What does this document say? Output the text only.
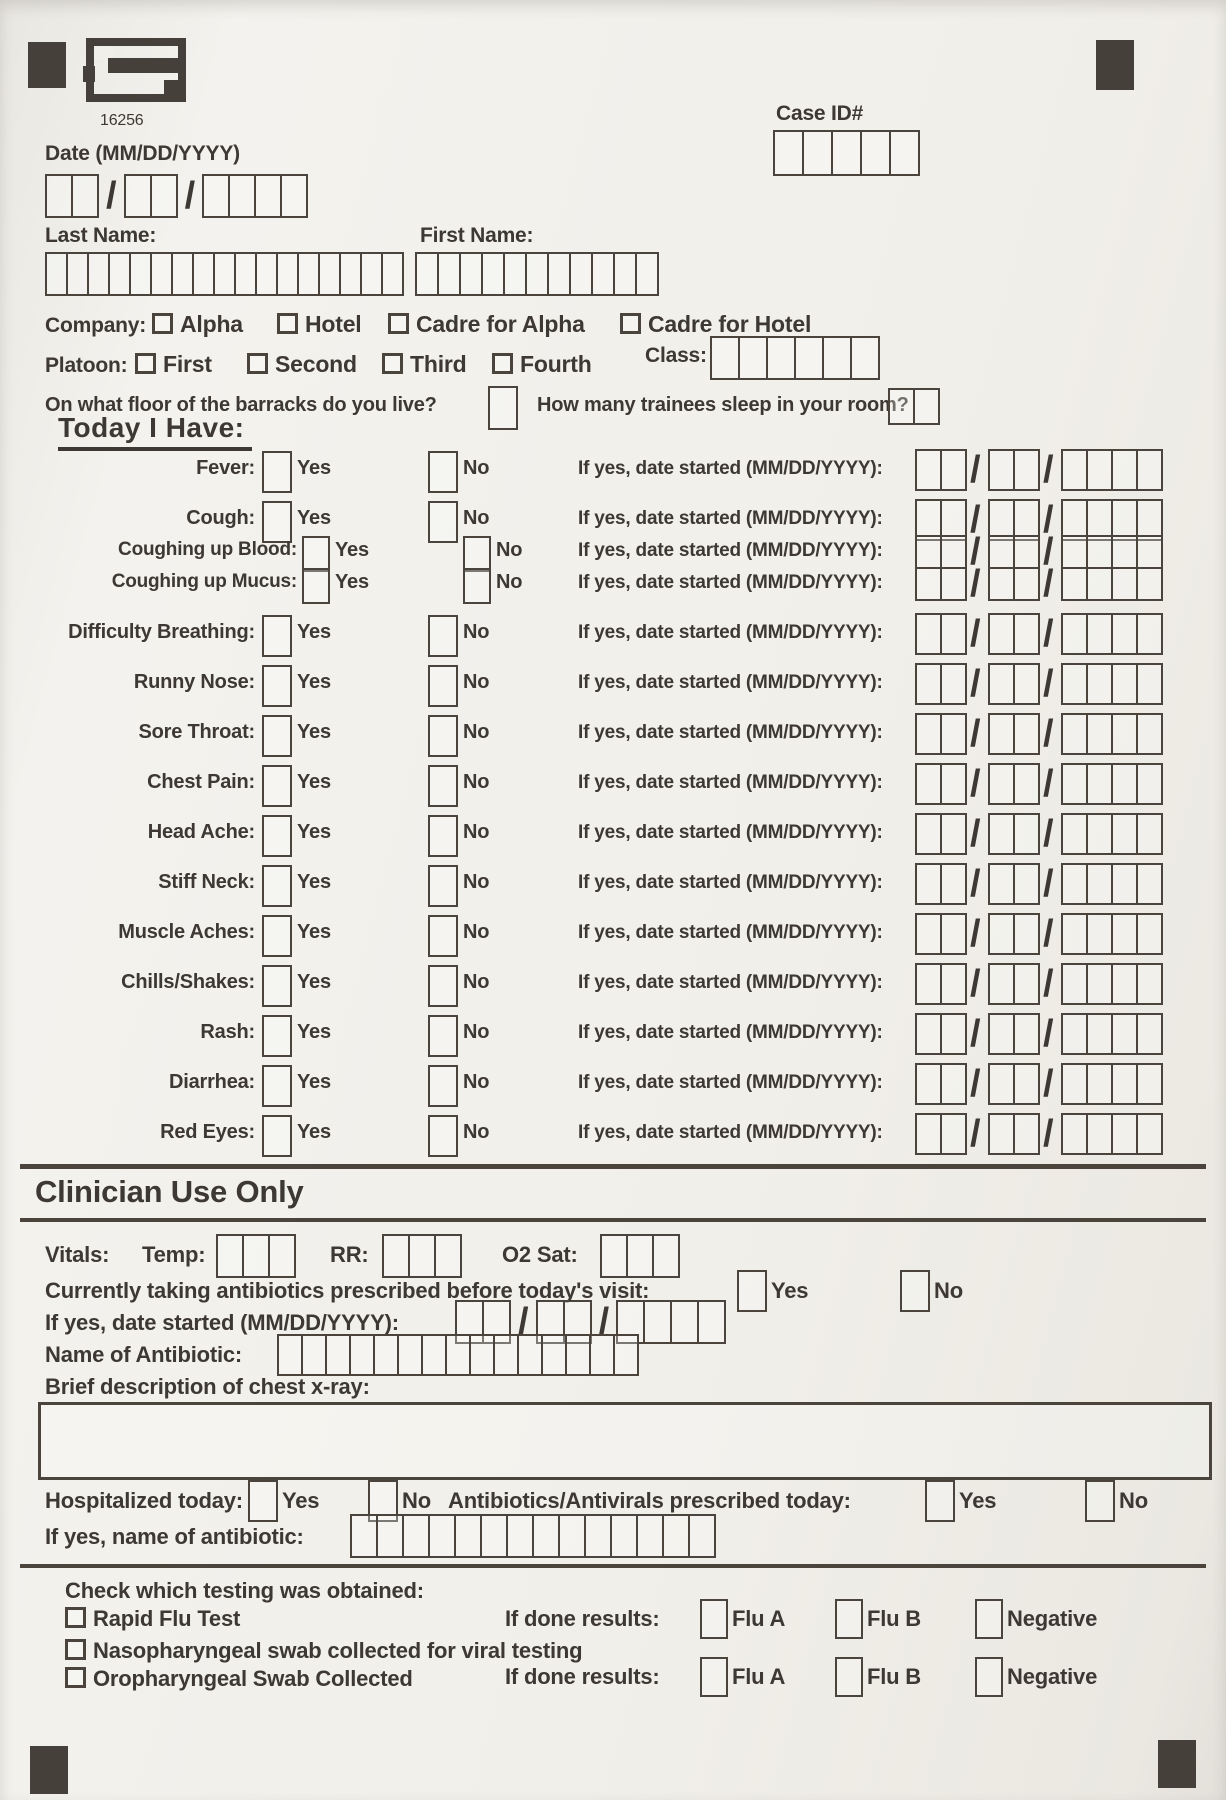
16256	Case ID#
Date (MM/DD/YYYY)
/ /
Last Name:	First Name:
Company:	Alpha	Hotel	Cadre for Alpha	Cadre for Hotel
Platoon:	First	Second	Third	Fourth	Class:
On what floor of the barracks do you live?	How many trainees sleep in your room?
Today I Have:
Fever: Yes	No	If yes, date started (MM/DD/YYYY): / /
Cough: Yes	No	If yes, date started (MM/DD/YYYY): / /
Coughing up Blood: Yes	No	If yes, date started (MM/DD/YYYY): / /
Coughing up Mucus: Yes	No	If yes, date started (MM/DD/YYYY): / /
Difficulty Breathing: Yes	No	If yes, date started (MM/DD/YYYY): / /
Runny Nose: Yes	No	If yes, date started (MM/DD/YYYY): / /
Sore Throat: Yes	No	If yes, date started (MM/DD/YYYY): / /
Chest Pain: Yes	No	If yes, date started (MM/DD/YYYY): / /
Head Ache: Yes	No	If yes, date started (MM/DD/YYYY): / /
Stiff Neck: Yes	No	If yes, date started (MM/DD/YYYY): / /
Muscle Aches: Yes	No	If yes, date started (MM/DD/YYYY): / /
Chills/Shakes: Yes	No	If yes, date started (MM/DD/YYYY): / /
Rash: Yes	No	If yes, date started (MM/DD/YYYY): / /
Diarrhea: Yes	No	If yes, date started (MM/DD/YYYY): / /
Red Eyes: Yes	No	If yes, date started (MM/DD/YYYY): / /
Clinician Use Only
Vitals: Temp:	RR:	O2 Sat:
Currently taking antibiotics prescribed before today's visit:	Yes	No
If yes, date started (MM/DD/YYYY):	/ /
Name of Antibiotic:
Brief description of chest x-ray:
Hospitalized today: Yes	No Antibiotics/Antivirals prescribed today:	Yes	No
If yes, name of antibiotic:
Check which testing was obtained:
Rapid Flu Test	If done results:	Flu A	Flu B	Negative
Nasopharyngeal swab collected for viral testing
Oropharyngeal Swab Collected	If done results:	Flu A	Flu B	Negative
